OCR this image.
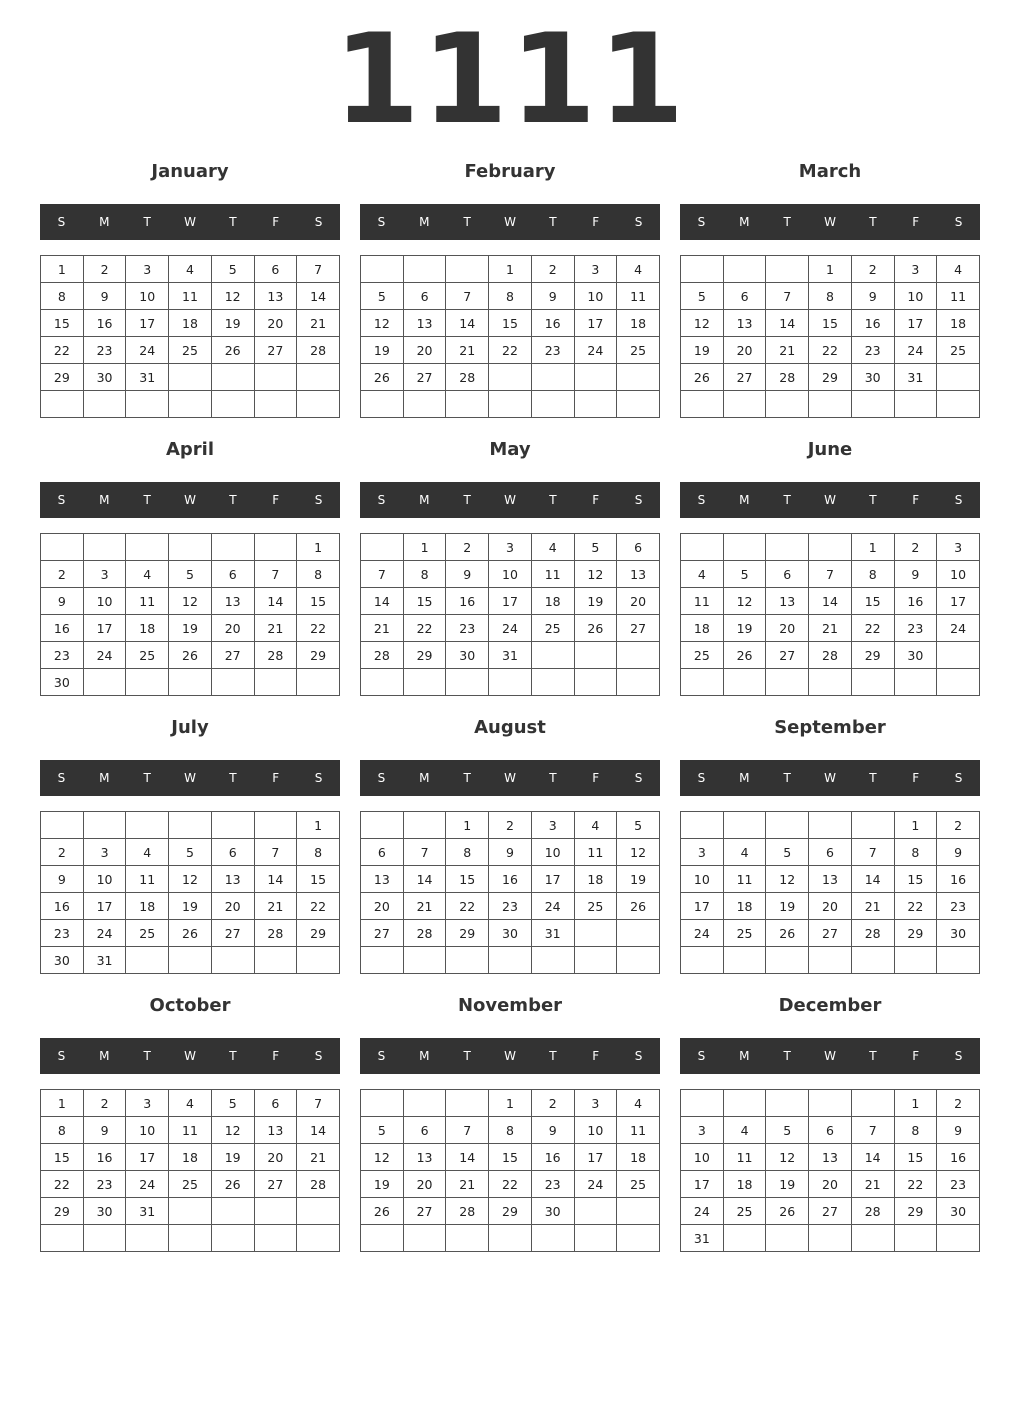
1111
January
S	M	T	W	T	F	S
1	2	3	4	5	6	7
8	9	10	11	12	13	14
15	16	17	18	19	20	21
22	23	24	25	26	27	28
29	30	31				

February
S	M	T	W	T	F	S
			1	2	3	4
5	6	7	8	9	10	11
12	13	14	15	16	17	18
19	20	21	22	23	24	25
26	27	28				

March
S	M	T	W	T	F	S
			1	2	3	4
5	6	7	8	9	10	11
12	13	14	15	16	17	18
19	20	21	22	23	24	25
26	27	28	29	30	31	

April
S	M	T	W	T	F	S
						1
2	3	4	5	6	7	8
9	10	11	12	13	14	15
16	17	18	19	20	21	22
23	24	25	26	27	28	29
30						
May
S	M	T	W	T	F	S
	1	2	3	4	5	6
7	8	9	10	11	12	13
14	15	16	17	18	19	20
21	22	23	24	25	26	27
28	29	30	31			

June
S	M	T	W	T	F	S
				1	2	3
4	5	6	7	8	9	10
11	12	13	14	15	16	17
18	19	20	21	22	23	24
25	26	27	28	29	30	

July
S	M	T	W	T	F	S
						1
2	3	4	5	6	7	8
9	10	11	12	13	14	15
16	17	18	19	20	21	22
23	24	25	26	27	28	29
30	31					
August
S	M	T	W	T	F	S
		1	2	3	4	5
6	7	8	9	10	11	12
13	14	15	16	17	18	19
20	21	22	23	24	25	26
27	28	29	30	31		

September
S	M	T	W	T	F	S
					1	2
3	4	5	6	7	8	9
10	11	12	13	14	15	16
17	18	19	20	21	22	23
24	25	26	27	28	29	30

October
S	M	T	W	T	F	S
1	2	3	4	5	6	7
8	9	10	11	12	13	14
15	16	17	18	19	20	21
22	23	24	25	26	27	28
29	30	31				

November
S	M	T	W	T	F	S
			1	2	3	4
5	6	7	8	9	10	11
12	13	14	15	16	17	18
19	20	21	22	23	24	25
26	27	28	29	30		

December
S	M	T	W	T	F	S
					1	2
3	4	5	6	7	8	9
10	11	12	13	14	15	16
17	18	19	20	21	22	23
24	25	26	27	28	29	30
31						
